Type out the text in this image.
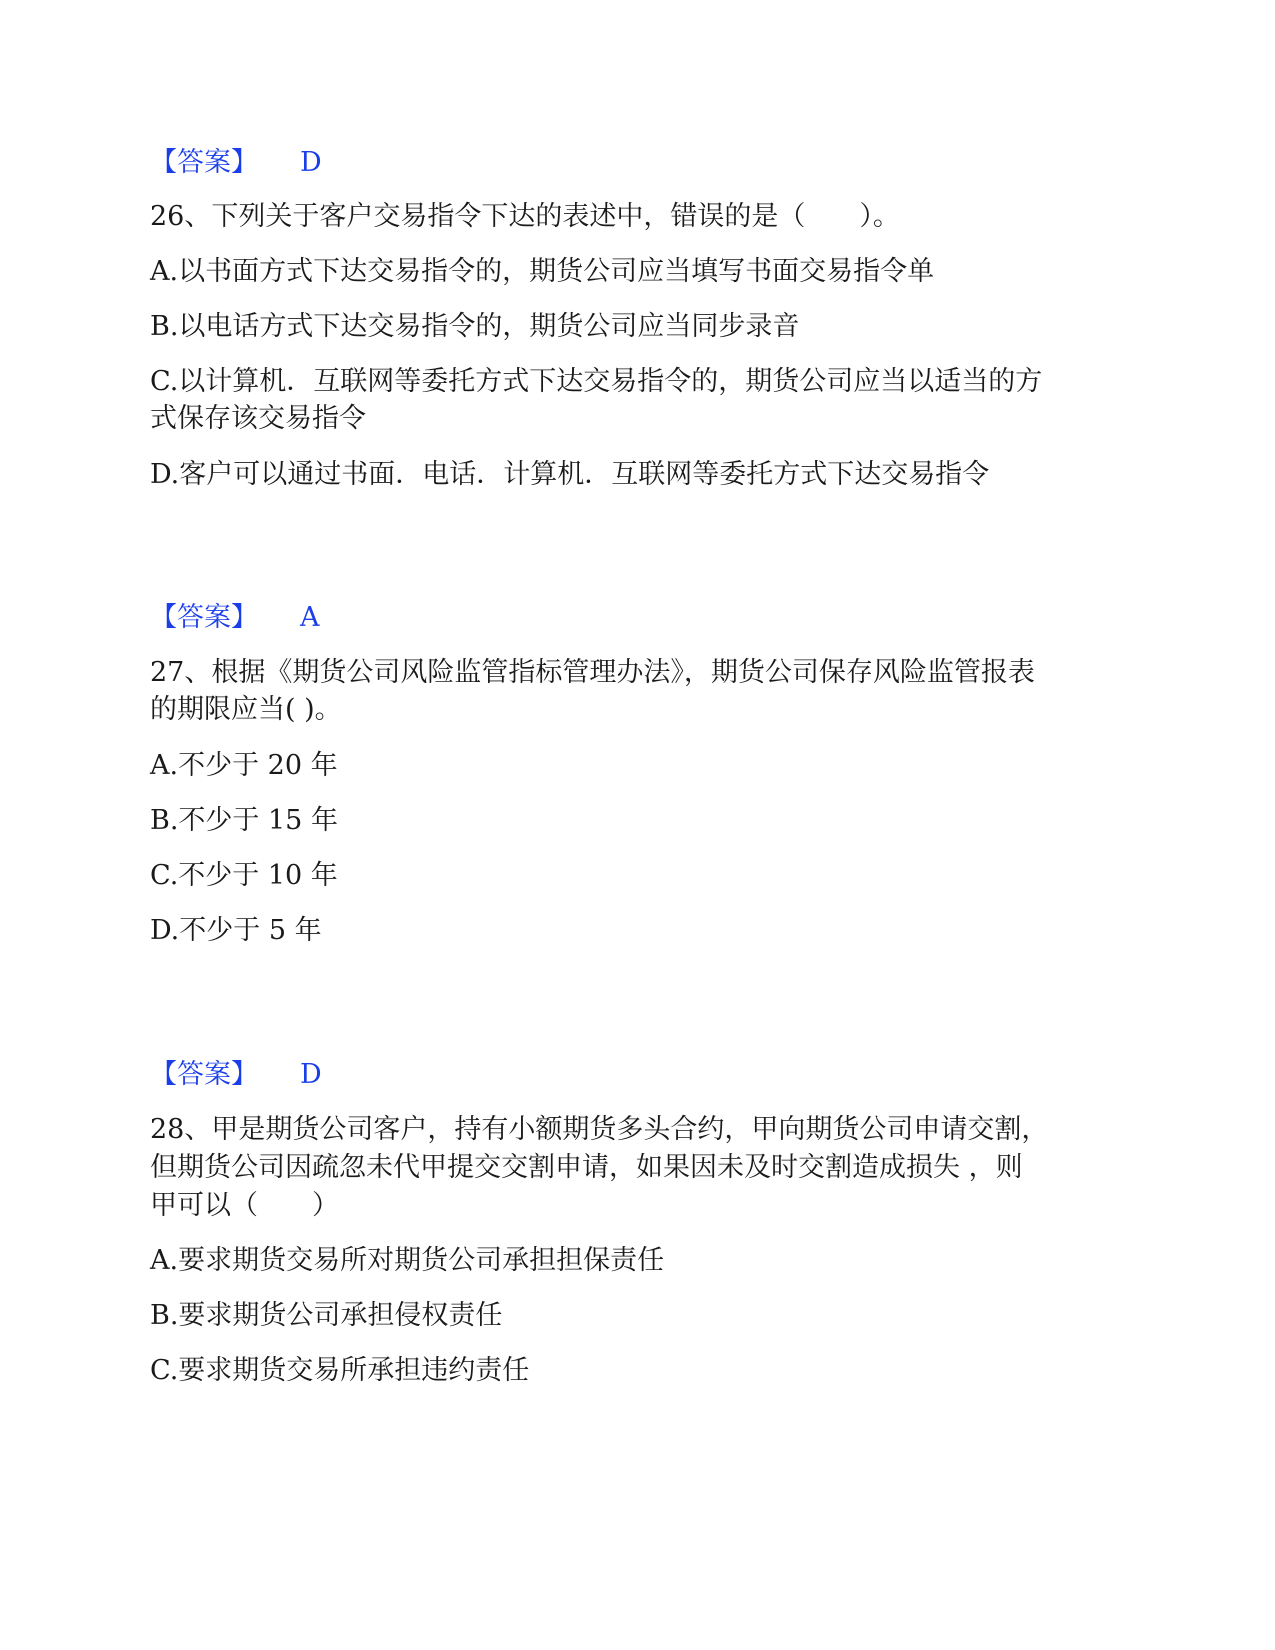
【答案】 D
26、下列关于客户交易指令下达的表述中，错误的是（　　）。
A.以书面方式下达交易指令的，期货公司应当填写书面交易指令单
B.以电话方式下达交易指令的，期货公司应当同步录音
C.以计算机．互联网等委托方式下达交易指令的，期货公司应当以适当的方
式保存该交易指令
D.客户可以通过书面．电话．计算机．互联网等委托方式下达交易指令
【答案】 A
27、根据《期货公司风险监管指标管理办法》，期货公司保存风险监管报表
的期限应当( )。
A.不少于 20 年
B.不少于 15 年
C.不少于 10 年
D.不少于 5 年
【答案】 D
28、甲是期货公司客户，持有小额期货多头合约，甲向期货公司申请交割，
但期货公司因疏忽未代甲提交交割申请，如果因未及时交割造成损失 ，则
甲可以（　　）
A.要求期货交易所对期货公司承担担保责任
B.要求期货公司承担侵权责任
C.要求期货交易所承担违约责任
